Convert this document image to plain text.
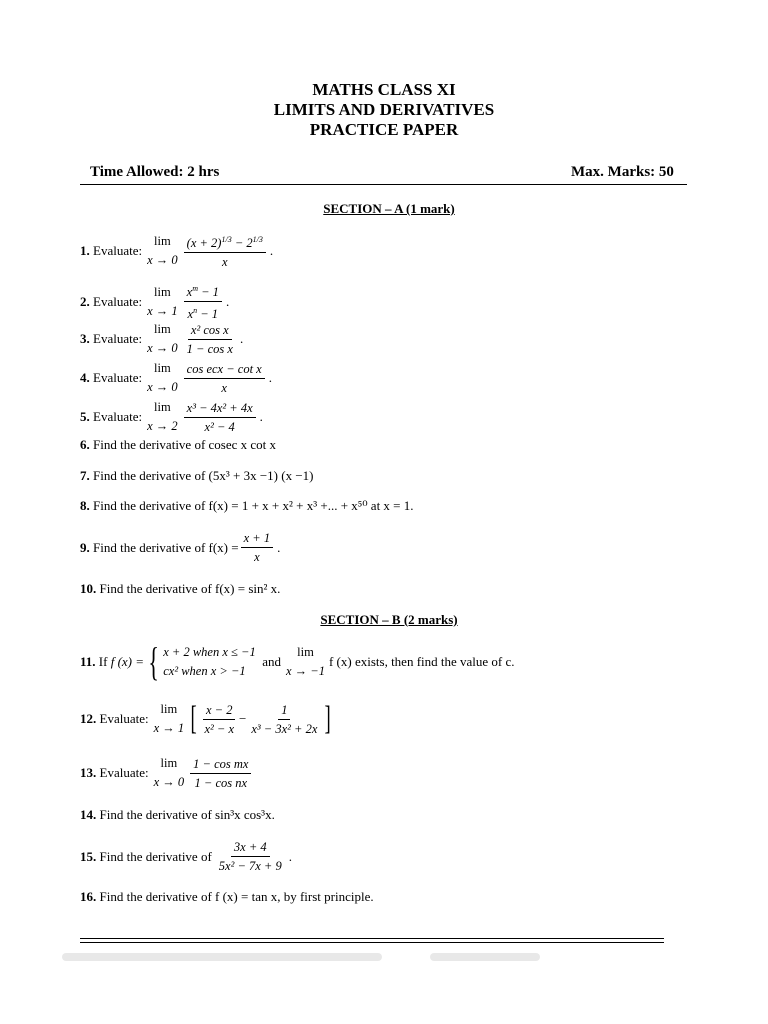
MATHS CLASS XI
LIMITS AND DERIVATIVES
PRACTICE PAPER
Time Allowed: 2 hrs	Max. Marks: 50
SECTION – A (1 mark)
1.
Evaluate:
lim
$x \to 0 \frac{(x + 2)^{1/3} - 2^{1/3}}{x}$ .
2.
Evaluate:
lim
$x \to 1 \frac{x^m - 1}{x^n - 1}$ .
3.
Evaluate:
lim
$x \to 0 \frac{\text{x² cos x}}{\text{1 − cos x}}$ .
4.
Evaluate:
lim
$x \to 0 \frac{\text{cos ecx − cot x}}{x}$ .
5.
Evaluate:
lim
$x \to 2 \frac{\text{x³ − 4x² + 4x}}{\text{x² − 4}}$ .
6.
Find the derivative of cosec x cot x
7.
Find the derivative of (5x³ + 3x −1) (x −1)
8.
Find the derivative of f(x) = 1 + x + x² + x³ +... + x⁵⁰ at x = 1.
9.
Find the derivative of $f(x) = \frac{x + 1}{x}$ .
10.
Find the derivative of f(x) = sin² x.
SECTION – B (2 marks)
11.
If
f (x) = { x + 2 when x ≤ −1
cx² when x > −1

and
lim
x → −1
f (x) exists, then find the value of c.
12.
Evaluate:
lim
x → 1 [ $\frac{x - 2}{\text{x² − x}} - \frac{1}{\text{x³ − 3x² + 2x}}$ ]
13.
Evaluate:
lim
$x \to 0 \frac{\text{1 − cos mx}}{\text{1 − cos nx}}$
14.
Find the derivative of sin³x cos³x.
15.
Find the derivative of $\frac{3x + 4}{\text{5x² − 7x + 9}}$ .
16.
Find the derivative of f (x) = tan x, by first principle.
